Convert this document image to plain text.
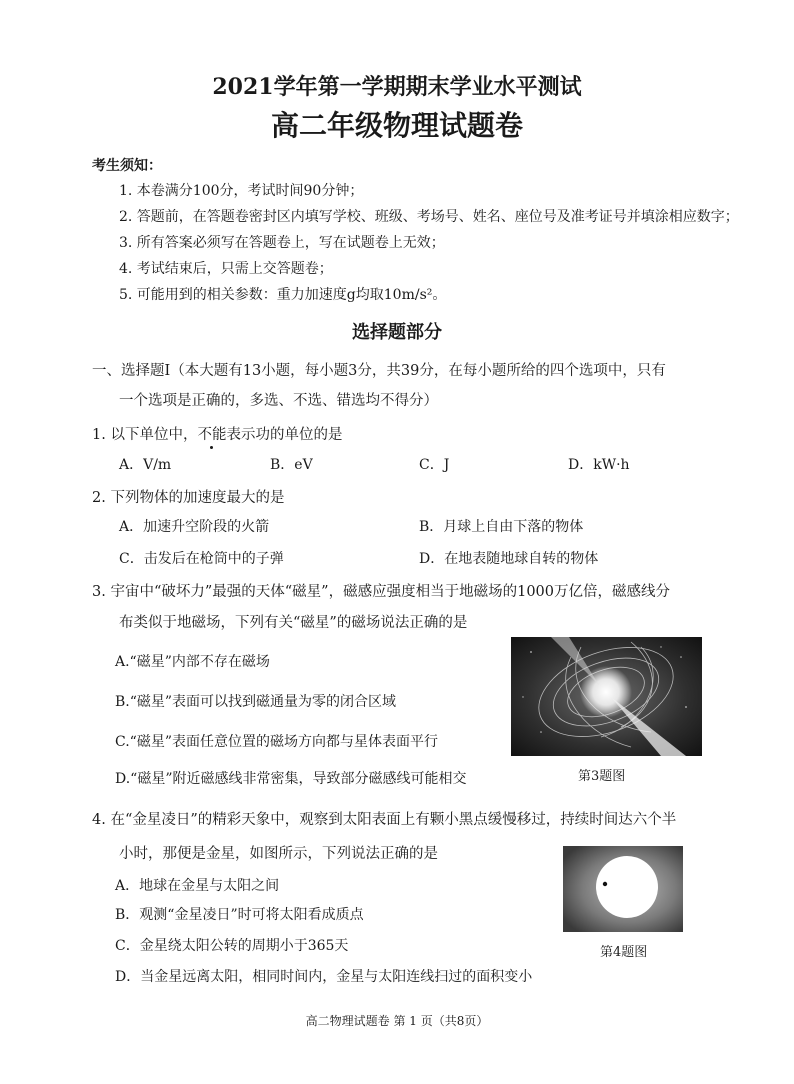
2021学年第一学期期末学业水平测试
高二年级物理试题卷
考生须知：
1. 本卷满分100分，考试时间90分钟；
2. 答题前，在答题卷密封区内填写学校、班级、考场号、姓名、座位号及准考证号并填涂相应数字；
3. 所有答案必须写在答题卷上，写在试题卷上无效；
4. 考试结束后，只需上交答题卷；
5. 可能用到的相关参数：重力加速度g均取10m/s²。
选择题部分
一、选择题Ⅰ（本大题有13小题，每小题3分，共39分，在每小题所给的四个选项中，只有
一个选项是正确的，多选、不选、错选均不得分）
1. 以下单位中，不能表示功的单位的是
A．V/m	B．eV	C．J	D．kW·h
2. 下列物体的加速度最大的是
A．加速升空阶段的火箭	B．月球上自由下落的物体
C．击发后在枪筒中的子弹	D．在地表随地球自转的物体
3. 宇宙中“破坏力”最强的天体“磁星”，磁感应强度相当于地磁场的1000万亿倍，磁感线分
布类似于地磁场，下列有关“磁星”的磁场说法正确的是
A.“磁星”内部不存在磁场
B.“磁星”表面可以找到磁通量为零的闭合区域
C.“磁星”表面任意位置的磁场方向都与星体表面平行
D.“磁星”附近磁感线非常密集，导致部分磁感线可能相交	第3题图
4. 在“金星凌日”的精彩天象中，观察到太阳表面上有颗小黑点缓慢移过，持续时间达六个半
小时，那便是金星，如图所示，下列说法正确的是
A．地球在金星与太阳之间
B．观测“金星凌日”时可将太阳看成质点
C．金星绕太阳公转的周期小于365天
D．当金星远离太阳，相同时间内，金星与太阳连线扫过的面积变小
第4题图
高二物理试题卷 第 1 页（共8页）
